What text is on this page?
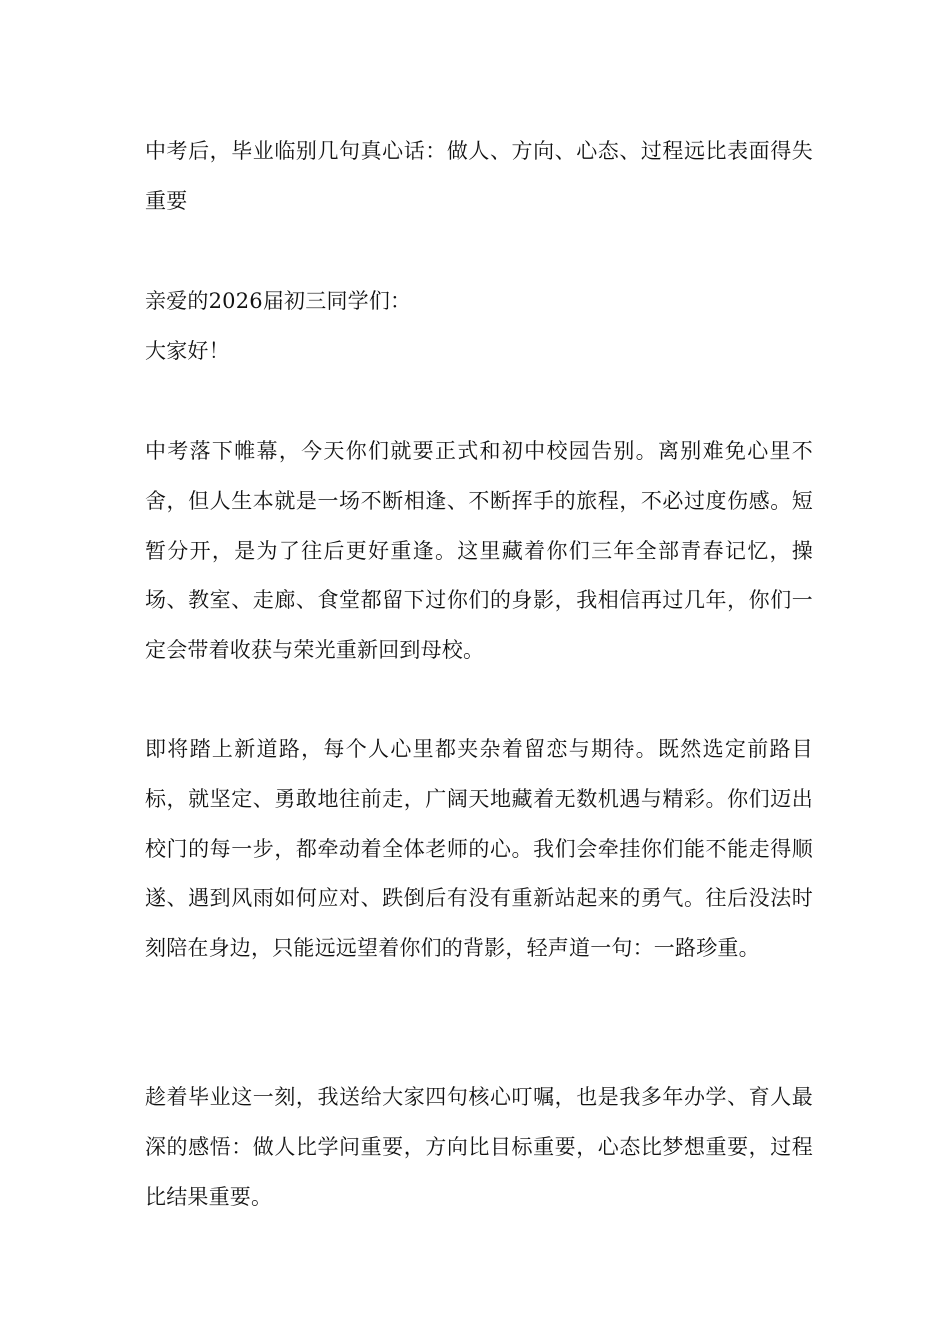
中考后，毕业临别几句真心话：做人、方向、心态、过程远比表面得失重要

亲爱的2026届初三同学们：

大家好！

中考落下帷幕，今天你们就要正式和初中校园告别。离别难免心里不舍，但人生本就是一场不断相逢、不断挥手的旅程，不必过度伤感。短暂分开，是为了往后更好重逢。这里藏着你们三年全部青春记忆，操场、教室、走廊、食堂都留下过你们的身影，我相信再过几年，你们一定会带着收获与荣光重新回到母校。

即将踏上新道路，每个人心里都夹杂着留恋与期待。既然选定前路目标，就坚定、勇敢地往前走，广阔天地藏着无数机遇与精彩。你们迈出校门的每一步，都牵动着全体老师的心。我们会牵挂你们能不能走得顺遂、遇到风雨如何应对、跌倒后有没有重新站起来的勇气。往后没法时刻陪在身边，只能远远望着你们的背影，轻声道一句：一路珍重。

趁着毕业这一刻，我送给大家四句核心叮嘱，也是我多年办学、育人最深的感悟：做人比学问重要，方向比目标重要，心态比梦想重要，过程比结果重要。
